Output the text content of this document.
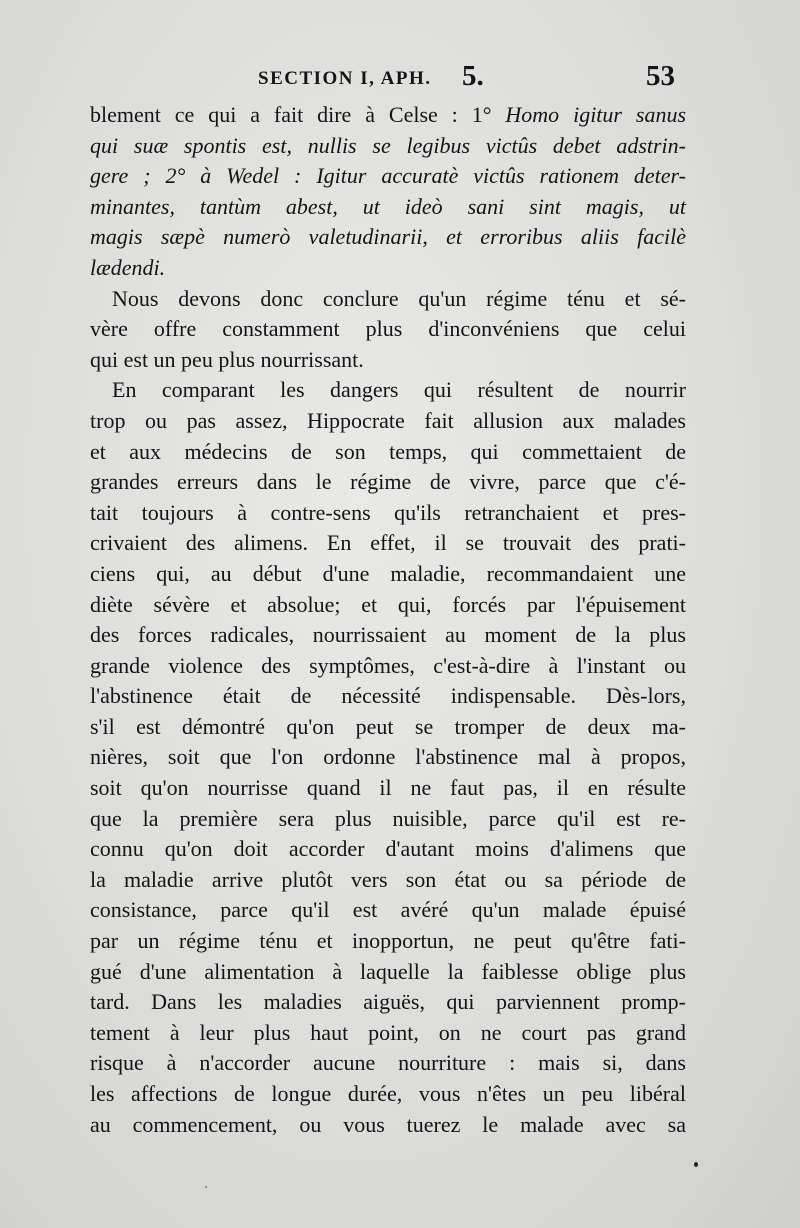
SECTION I, APH. 5.	53
blement ce qui a fait dire à Celse : 1° Homo igitur sanus
qui suæ spontis est, nullis se legibus victûs debet adstrin-
gere ; 2° à Wedel : Igitur accuratè victûs rationem deter-
minantes, tantùm abest, ut ideò sani sint magis, ut
magis sæpè numerò valetudinarii, et erroribus aliis facilè
lædendi.
Nous devons donc conclure qu'un régime ténu et sé-
vère offre constamment plus d'inconvéniens que celui
qui est un peu plus nourrissant.
En comparant les dangers qui résultent de nourrir
trop ou pas assez, Hippocrate fait allusion aux malades
et aux médecins de son temps, qui commettaient de
grandes erreurs dans le régime de vivre, parce que c'é-
tait toujours à contre-sens qu'ils retranchaient et pres-
crivaient des alimens. En effet, il se trouvait des prati-
ciens qui, au début d'une maladie, recommandaient une
diète sévère et absolue; et qui, forcés par l'épuisement
des forces radicales, nourrissaient au moment de la plus
grande violence des symptômes, c'est-à-dire à l'instant ou
l'abstinence était de nécessité indispensable. Dès-lors,
s'il est démontré qu'on peut se tromper de deux ma-
nières, soit que l'on ordonne l'abstinence mal à propos,
soit qu'on nourrisse quand il ne faut pas, il en résulte
que la première sera plus nuisible, parce qu'il est re-
connu qu'on doit accorder d'autant moins d'alimens que
la maladie arrive plutôt vers son état ou sa période de
consistance, parce qu'il est avéré qu'un malade épuisé
par un régime ténu et inopportun, ne peut qu'être fati-
gué d'une alimentation à laquelle la faiblesse oblige plus
tard. Dans les maladies aiguës, qui parviennent promp-
tement à leur plus haut point, on ne court pas grand
risque à n'accorder aucune nourriture : mais si, dans
les affections de longue durée, vous n'êtes un peu libéral
au commencement, ou vous tuerez le malade avec sa
